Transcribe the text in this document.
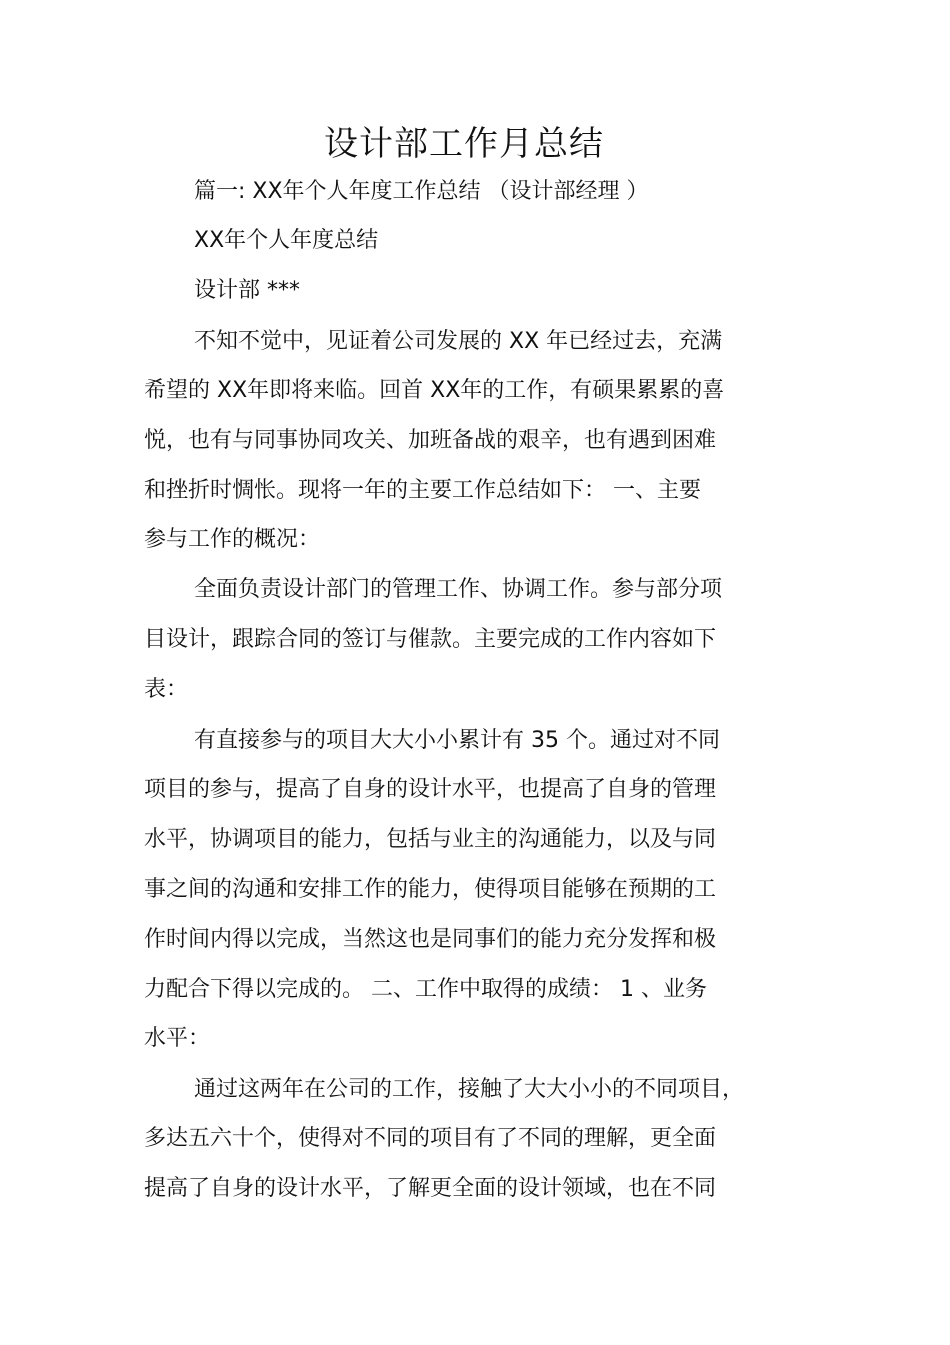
设计部工作月总结
篇一: XX年个人年度工作总结 （设计部经理 ）
XX年个人年度总结
设计部 ***
不知不觉中，见证着公司发展的 XX 年已经过去，充满
希望的 XX年即将来临。回首 XX年的工作，有硕果累累的喜
悦，也有与同事协同攻关、加班备战的艰辛，也有遇到困难
和挫折时惆怅。现将一年的主要工作总结如下： 一、主要
参与工作的概况：
全面负责设计部门的管理工作、协调工作。参与部分项
目设计，跟踪合同的签订与催款。主要完成的工作内容如下
表：
有直接参与的项目大大小小累计有 35 个。通过对不同
项目的参与，提高了自身的设计水平，也提高了自身的管理
水平，协调项目的能力，包括与业主的沟通能力，以及与同
事之间的沟通和安排工作的能力，使得项目能够在预期的工
作时间内得以完成，当然这也是同事们的能力充分发挥和极
力配合下得以完成的。 二、工作中取得的成绩： 1 、业务
水平：
通过这两年在公司的工作，接触了大大小小的不同项目，
多达五六十个，使得对不同的项目有了不同的理解，更全面
提高了自身的设计水平，了解更全面的设计领域，也在不同
